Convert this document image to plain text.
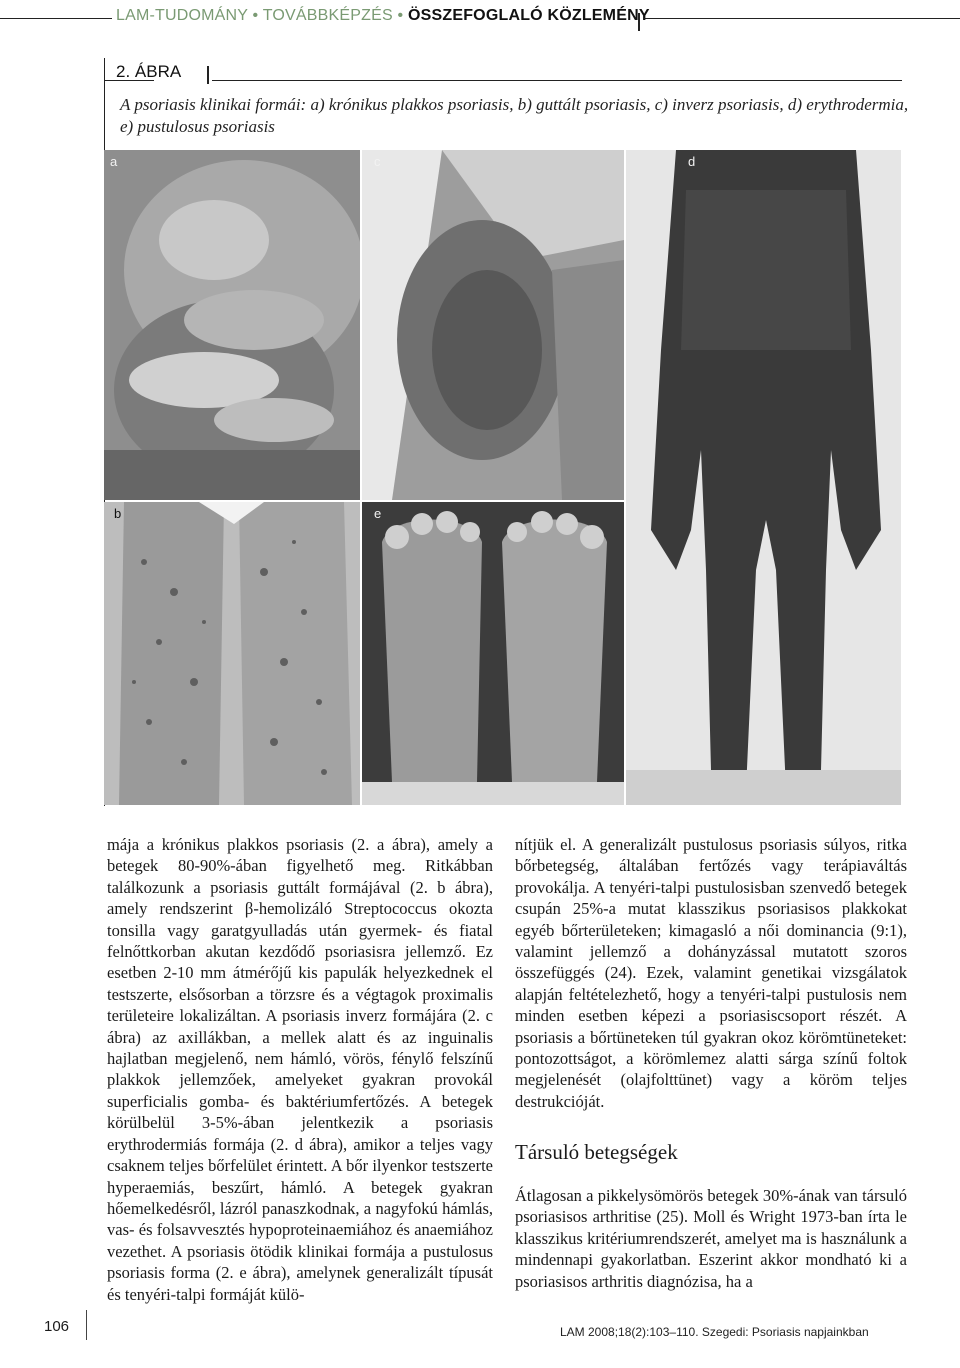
LAM-TUDOMÁNY • TOVÁBBKÉPZÉS • ÖSSZEFOGLALÓ KÖZLEMÉNY
2. ÁBRA
A psoriasis klinikai formái: a) krónikus plakkos psoriasis, b) guttált psoriasis, c) inverz psoriasis, d) erythrodermia, e) pustulosus psoriasis
a	c	d
b	e

mája a krónikus plakkos psoriasis (2. a ábra), amely a betegek 80-90%-ában figyelhető meg. Ritkábban találkozunk a psoriasis guttált formájával (2. b ábra), amely rendszerint β-hemolizáló Streptococcus okozta tonsilla vagy garatgyulladás után gyermek- és fiatal felnőttkorban akutan kezdődő psoriasisra jellemző. Ez esetben 2-10 mm átmérőjű kis papulák helyezkednek el testszerte, elsősorban a törzsre és a végtagok proximalis területeire lokalizáltan. A psoriasis inverz formájára (2. c ábra) az axillákban, a mellek alatt és az inguinalis hajlatban megjelenő, nem hámló, vörös, fénylő felszínű plakkok jellemzőek, amelyeket gyakran provokál superficialis gomba- és baktériumfertőzés. A betegek körülbelül 3-5%-ában jelentkezik a psoriasis erythrodermiás formája (2. d ábra), amikor a teljes vagy csaknem teljes bőrfelület érintett. A bőr ilyenkor testszerte hyperaemiás, beszűrt, hámló. A betegek gyakran hőemelkedésről, lázról panaszkodnak, a nagyfokú hámlás, vas- és folsavvesztés hypoproteinaemiához és anaemiához vezethet. A psoriasis ötödik klinikai formája a pustulosus psoriasis forma (2. e ábra), amelynek generalizált típusát és tenyéri-talpi formáját külö-

nítjük el. A generalizált pustulosus psoriasis súlyos, ritka bőrbetegség, általában fertőzés vagy terápiaváltás provokálja. A tenyéri-talpi pustulosisban szenvedő betegek csupán 25%-a mutat klasszikus psoriasisos plakkokat egyéb bőrterületeken; kimagasló a női dominancia (9:1), valamint jellemző a dohányzással mutatott szoros összefüggés (24). Ezek, valamint genetikai vizsgálatok alapján feltételezhető, hogy a tenyéri-talpi pustulosis nem minden esetben képezi a psoriasiscsoport részét. A psoriasis a bőrtüneteken túl gyakran okoz körömtüneteket: pontozottságot, a körömlemez alatti sárga színű foltok megjelenését (olajfolttünet) vagy a köröm teljes destrukcióját.

Társuló betegségek

Átlagosan a pikkelysömörös betegek 30%-ának van társuló psoriasisos arthritise (25). Moll és Wright 1973-ban írta le klasszikus kritériumrendszerét, amelyet ma is használunk a mindennapi gyakorlatban. Eszerint akkor mondható ki a psoriasisos arthritis diagnózisa, ha a

106	LAM 2008;18(2):103–110. Szegedi: Psoriasis napjainkban
